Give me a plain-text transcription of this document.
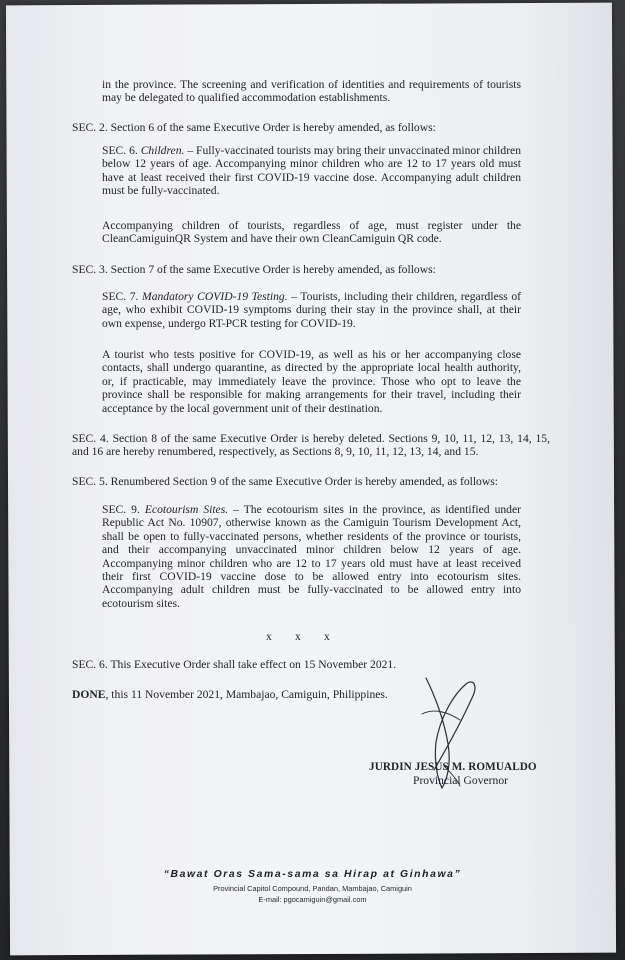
in the province. The screening and verification of identities and requirements of tourists may be delegated to qualified accommodation establishments.
SEC. 2. Section 6 of the same Executive Order is hereby amended, as follows:
SEC. 6. Children. – Fully-vaccinated tourists may bring their unvaccinated minor children below 12 years of age. Accompanying minor children who are 12 to 17 years old must have at least received their first COVID-19 vaccine dose. Accompanying adult children must be fully-vaccinated.
Accompanying children of tourists, regardless of age, must register under the CleanCamiguinQR System and have their own CleanCamiguin QR code.
SEC. 3. Section 7 of the same Executive Order is hereby amended, as follows:
SEC. 7. Mandatory COVID-19 Testing. – Tourists, including their children, regardless of age, who exhibit COVID-19 symptoms during their stay in the province shall, at their own expense, undergo RT-PCR testing for COVID-19.
A tourist who tests positive for COVID-19, as well as his or her accompanying close contacts, shall undergo quarantine, as directed by the appropriate local health authority, or, if practicable, may immediately leave the province. Those who opt to leave the province shall be responsible for making arrangements for their travel, including their acceptance by the local government unit of their destination.
SEC. 4. Section 8 of the same Executive Order is hereby deleted. Sections 9, 10, 11, 12, 13, 14, 15, and 16 are hereby renumbered, respectively, as Sections 8, 9, 10, 11, 12, 13, 14, and 15.
SEC. 5. Renumbered Section 9 of the same Executive Order is hereby amended, as follows:
SEC. 9. Ecotourism Sites. – The ecotourism sites in the province, as identified under Republic Act No. 10907, otherwise known as the Camiguin Tourism Development Act, shall be open to fully-vaccinated persons, whether residents of the province or tourists, and their accompanying unvaccinated minor children below 12 years of age. Accompanying minor children who are 12 to 17 years old must have at least received their first COVID-19 vaccine dose to be allowed entry into ecotourism sites. Accompanying adult children must be fully-vaccinated to be allowed entry into ecotourism sites.
x        x        x
SEC. 6. This Executive Order shall take effect on 15 November 2021.
DONE, this 11 November 2021, Mambajao, Camiguin, Philippines.
JURDIN JESUS M. ROMUALDO
Provincial Governor
“Bawat Oras Sama-sama sa Hirap at Ginhawa”
Provincial Capitol Compound, Pandan, Mambajao, Camiguin
E-mail: pgocamiguin@gmail.com
